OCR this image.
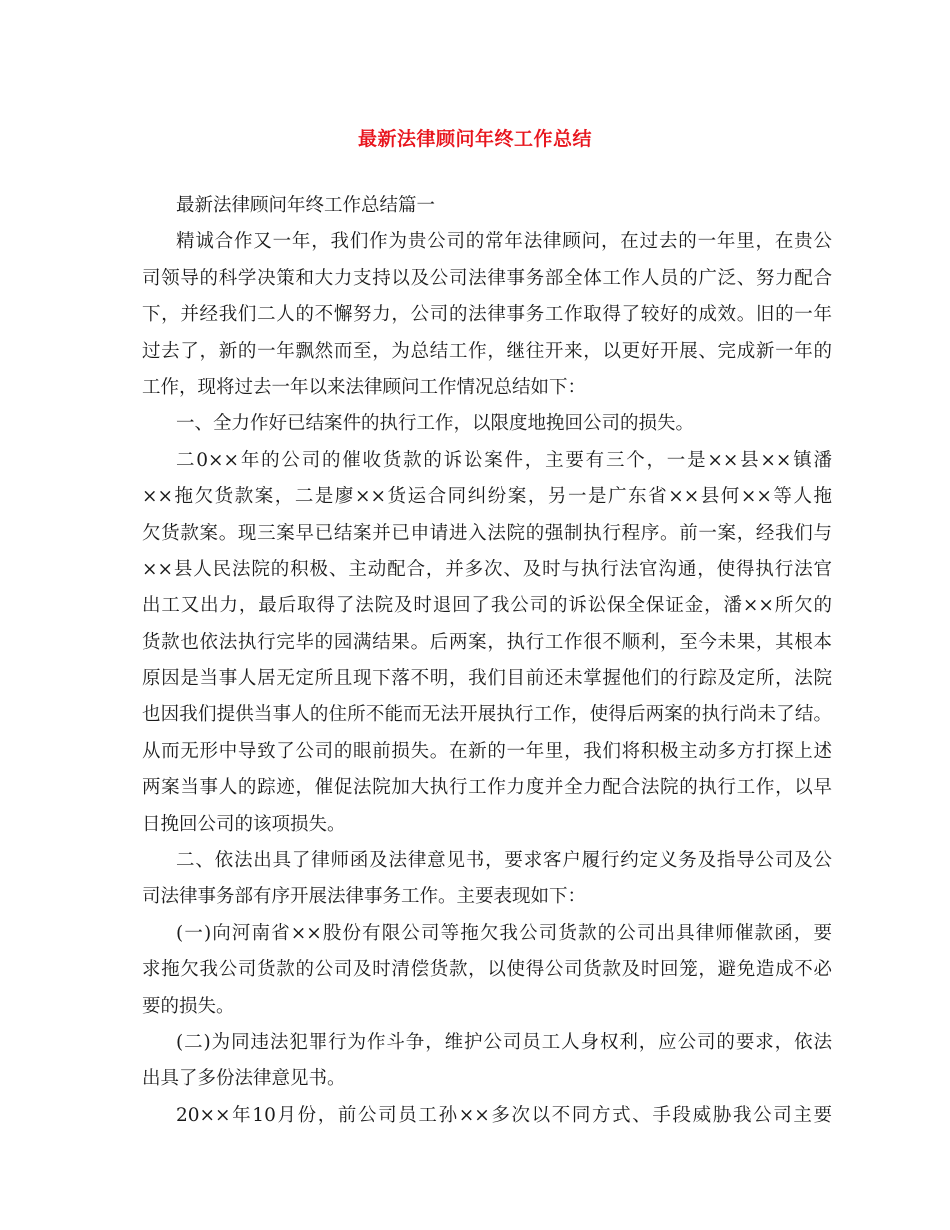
最新法律顾问年终工作总结
最新法律顾问年终工作总结篇一
精诚合作又一年，我们作为贵公司的常年法律顾问，在过去的一年里，在贵公
司领导的科学决策和大力支持以及公司法律事务部全体工作人员的广泛、努力配合
下，并经我们二人的不懈努力，公司的法律事务工作取得了较好的成效。旧的一年
过去了，新的一年飘然而至，为总结工作，继往开来，以更好开展、完成新一年的
工作，现将过去一年以来法律顾问工作情况总结如下：
一、全力作好已结案件的执行工作，以限度地挽回公司的损失。
二0××年的公司的催收货款的诉讼案件，主要有三个，一是××县××镇潘
××拖欠货款案，二是廖××货运合同纠纷案，另一是广东省××县何××等人拖
欠货款案。现三案早已结案并已申请进入法院的强制执行程序。前一案，经我们与
××县人民法院的积极、主动配合，并多次、及时与执行法官沟通，使得执行法官
出工又出力，最后取得了法院及时退回了我公司的诉讼保全保证金，潘××所欠的
货款也依法执行完毕的园满结果。后两案，执行工作很不顺利，至今未果，其根本
原因是当事人居无定所且现下落不明，我们目前还未掌握他们的行踪及定所，法院
也因我们提供当事人的住所不能而无法开展执行工作，使得后两案的执行尚未了结。
从而无形中导致了公司的眼前损失。在新的一年里，我们将积极主动多方打探上述
两案当事人的踪迹，催促法院加大执行工作力度并全力配合法院的执行工作，以早
日挽回公司的该项损失。
二、依法出具了律师函及法律意见书，要求客户履行约定义务及指导公司及公
司法律事务部有序开展法律事务工作。主要表现如下：
(一)向河南省××股份有限公司等拖欠我公司货款的公司出具律师催款函，要
求拖欠我公司货款的公司及时清偿货款，以使得公司货款及时回笼，避免造成不必
要的损失。
(二)为同违法犯罪行为作斗争，维护公司员工人身权利，应公司的要求，依法
出具了多份法律意见书。
20××年10月份，前公司员工孙××多次以不同方式、手段威胁我公司主要
